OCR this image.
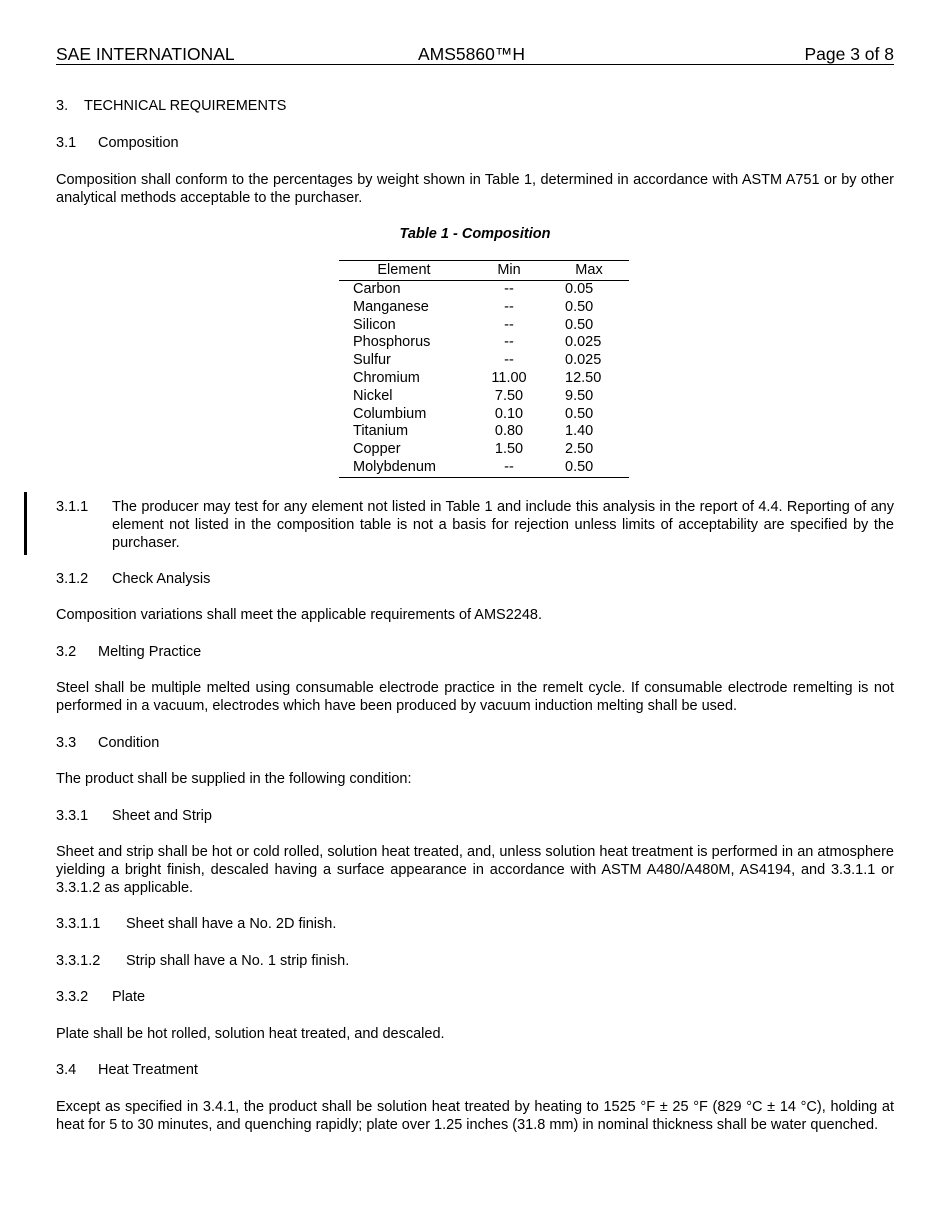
SAE INTERNATIONAL	AMS5860™H	Page 3 of 8
3. TECHNICAL REQUIREMENTS
3.1 Composition
Composition shall conform to the percentages by weight shown in Table 1, determined in accordance with ASTM A751 or by other analytical methods acceptable to the purchaser.
Table 1 - Composition
Element	Min	Max
Carbon	--	0.05
Manganese	--	0.50
Silicon	--	0.50
Phosphorus	--	0.025
Sulfur	--	0.025
Chromium	11.00	12.50
Nickel	7.50	9.50
Columbium	0.10	0.50
Titanium	0.80	1.40
Copper	1.50	2.50
Molybdenum	--	0.50
3.1.1 The producer may test for any element not listed in Table 1 and include this analysis in the report of 4.4. Reporting of any element not listed in the composition table is not a basis for rejection unless limits of acceptability are specified by the purchaser.
3.1.2 Check Analysis
Composition variations shall meet the applicable requirements of AMS2248.
3.2 Melting Practice
Steel shall be multiple melted using consumable electrode practice in the remelt cycle. If consumable electrode remelting is not performed in a vacuum, electrodes which have been produced by vacuum induction melting shall be used.
3.3 Condition
The product shall be supplied in the following condition:
3.3.1 Sheet and Strip
Sheet and strip shall be hot or cold rolled, solution heat treated, and, unless solution heat treatment is performed in an atmosphere yielding a bright finish, descaled having a surface appearance in accordance with ASTM A480/A480M, AS4194, and 3.3.1.1 or 3.3.1.2 as applicable.
3.3.1.1 Sheet shall have a No. 2D finish.
3.3.1.2 Strip shall have a No. 1 strip finish.
3.3.2 Plate
Plate shall be hot rolled, solution heat treated, and descaled.
3.4 Heat Treatment
Except as specified in 3.4.1, the product shall be solution heat treated by heating to 1525 °F ± 25 °F (829 °C ± 14 °C), holding at heat for 5 to 30 minutes, and quenching rapidly; plate over 1.25 inches (31.8 mm) in nominal thickness shall be water quenched.
